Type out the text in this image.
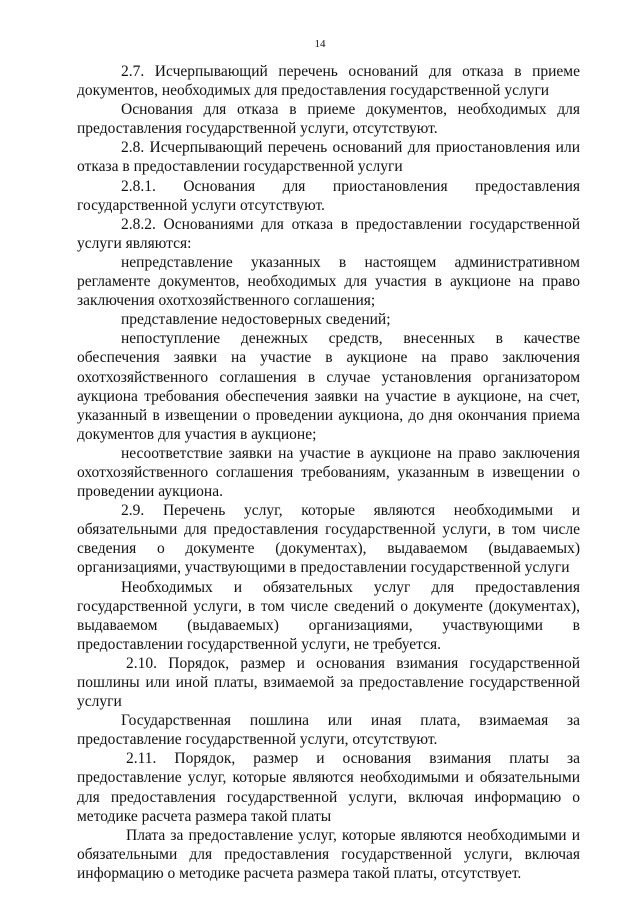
14

2.7. Исчерпывающий перечень оснований для отказа в приеме документов, необходимых для предоставления государственной услуги

Основания для отказа в приеме документов, необходимых для предоставления государственной услуги, отсутствуют.

2.8. Исчерпывающий перечень оснований для приостановления или отказа в предоставлении государственной услуги

2.8.1. Основания для приостановления предоставления государственной услуги отсутствуют.

2.8.2. Основаниями для отказа в предоставлении государственной услуги являются:

непредставление указанных в настоящем административном регламенте документов, необходимых для участия в аукционе на право заключения охотхозяйственного соглашения;

представление недостоверных сведений;

непоступление денежных средств, внесенных в качестве обеспечения заявки на участие в аукционе на право заключения охотхозяйственного соглашения в случае установления организатором аукциона требования обеспечения заявки на участие в аукционе, на счет, указанный в извещении о проведении аукциона, до дня окончания приема документов для участия в аукционе;

несоответствие заявки на участие в аукционе на право заключения охотхозяйственного соглашения требованиям, указанным в извещении о проведении аукциона.

2.9. Перечень услуг, которые являются необходимыми и обязательными для предоставления государственной услуги, в том числе сведения о документе (документах), выдаваемом (выдаваемых) организациями, участвующими в предоставлении государственной услуги

Необходимых и обязательных услуг для предоставления государственной услуги, в том числе сведений о документе (документах), выдаваемом (выдаваемых) организациями, участвующими в предоставлении государственной услуги, не требуется.

2.10. Порядок, размер и основания взимания государственной пошлины или иной платы, взимаемой за предоставление государственной услуги

Государственная пошлина или иная плата, взимаемая за предоставление государственной услуги, отсутствуют.

2.11. Порядок, размер и основания взимания платы за предоставление услуг, которые являются необходимыми и обязательными для предоставления государственной услуги, включая информацию о методике расчета размера такой платы

Плата за предоставление услуг, которые являются необходимыми и обязательными для предоставления государственной услуги, включая информацию о методике расчета размера такой платы, отсутствует.
